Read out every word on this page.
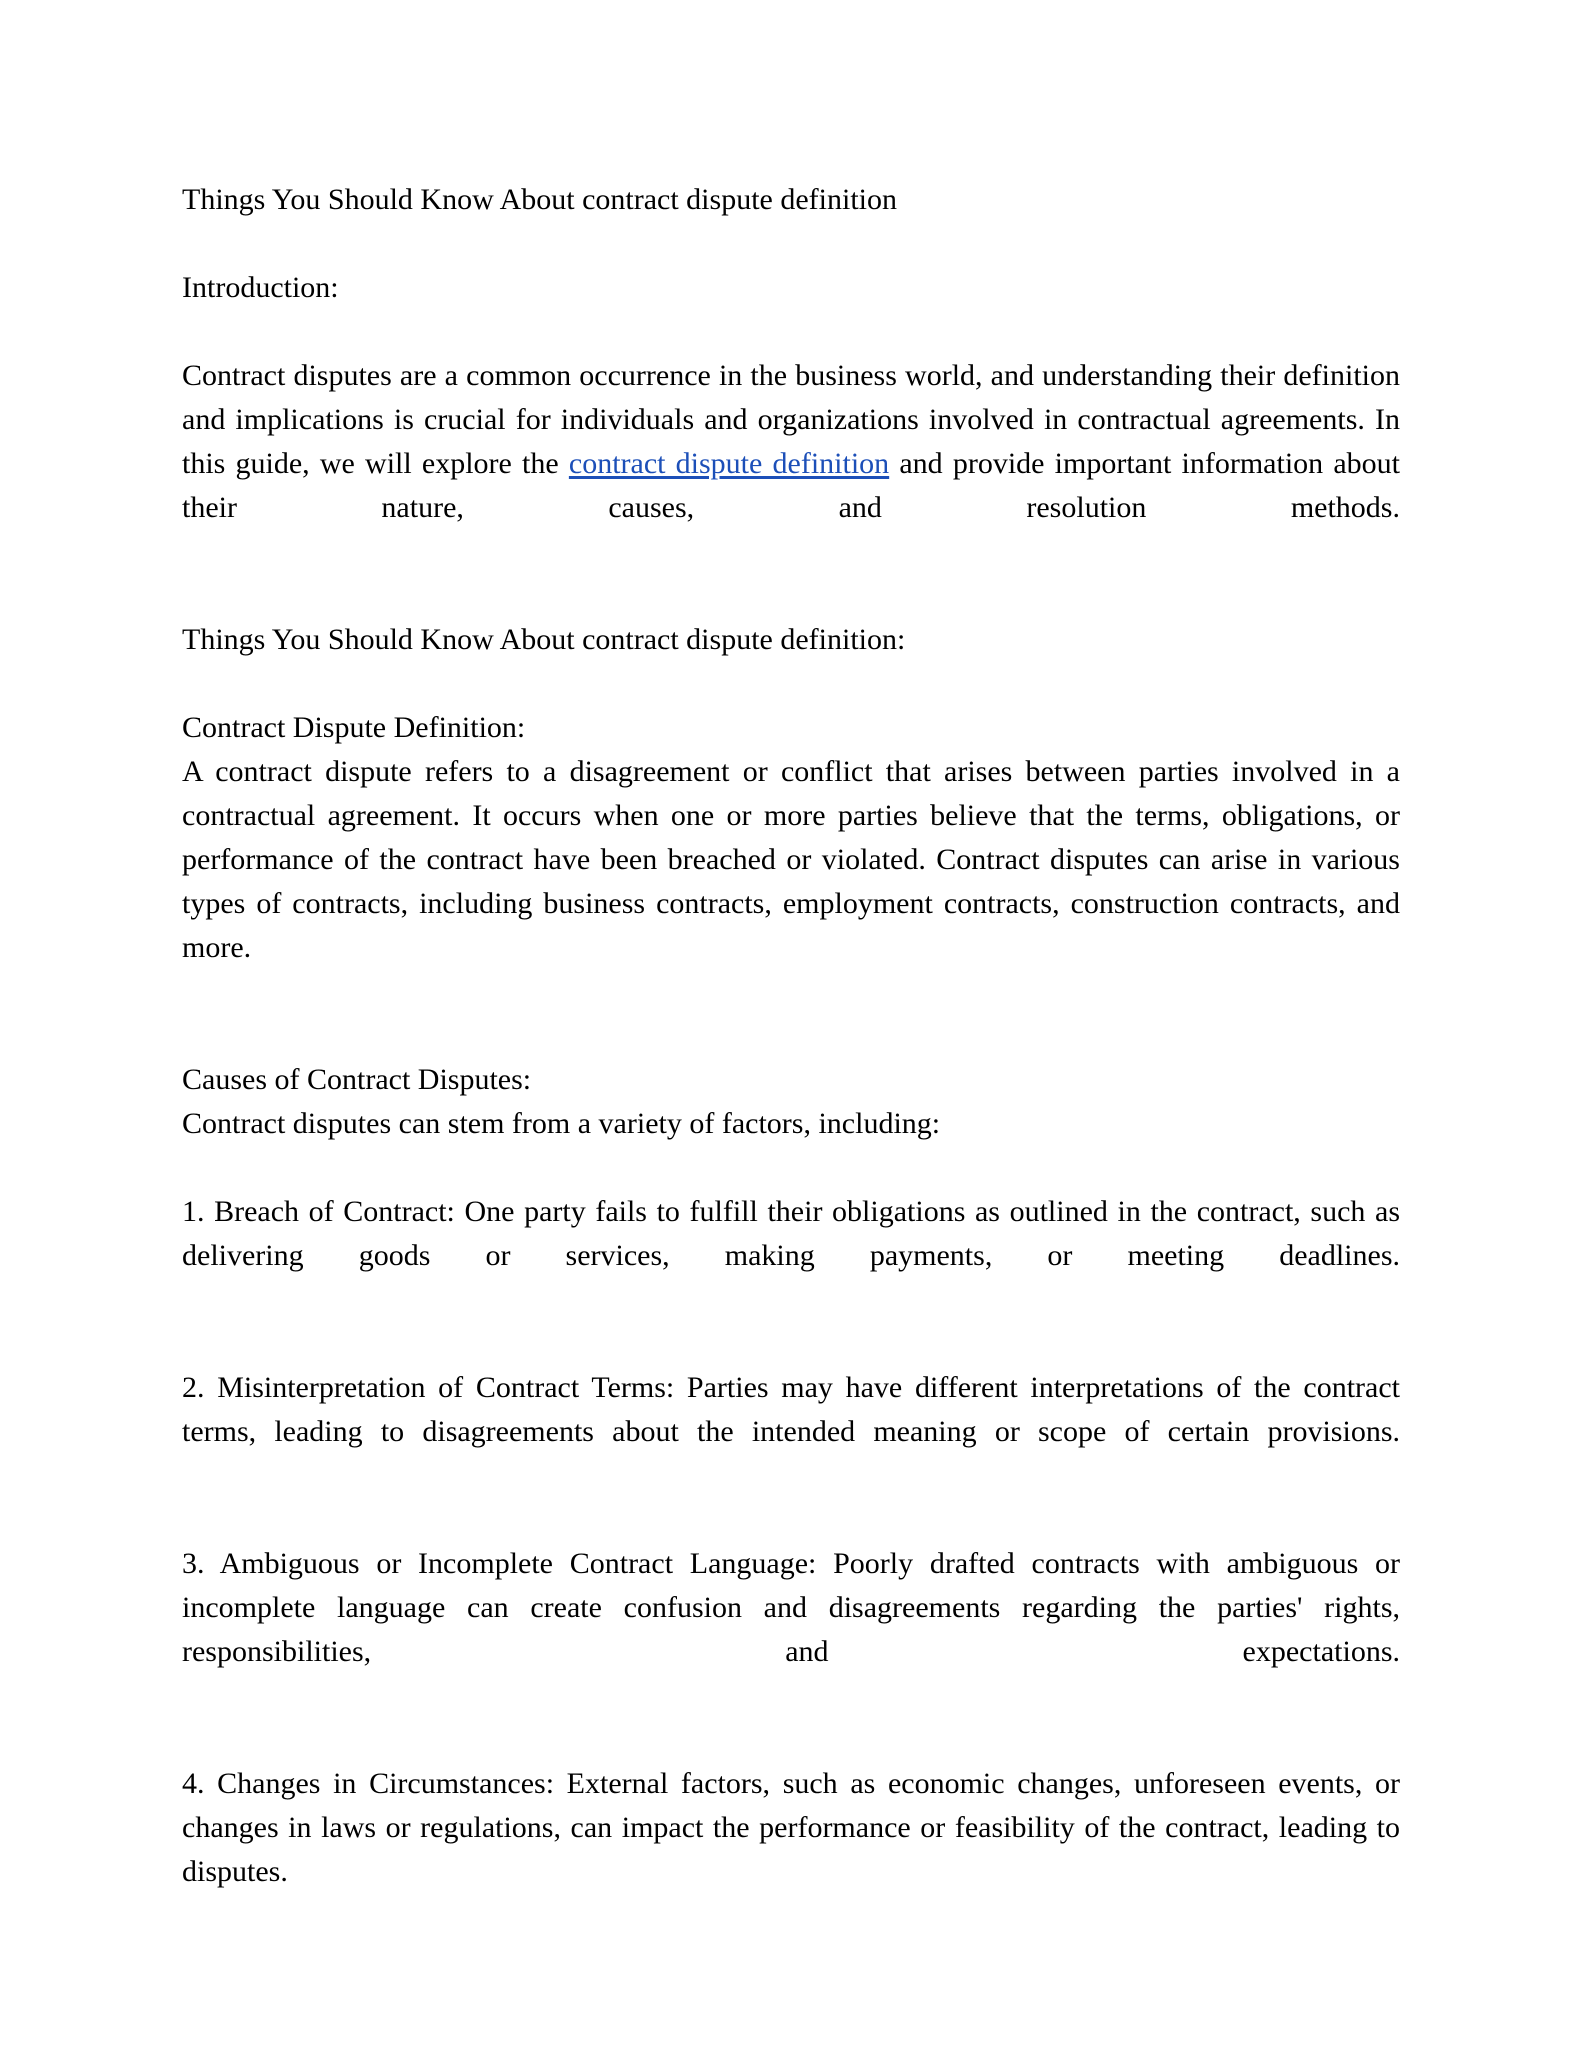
Things You Should Know About contract dispute definition

Introduction:

Contract disputes are a common occurrence in the business world, and understanding their definition and implications is crucial for individuals and organizations involved in contractual agreements. In this guide, we will explore the contract dispute definition and provide important information about their nature, causes, and resolution methods.

Things You Should Know About contract dispute definition:

Contract Dispute Definition:

A contract dispute refers to a disagreement or conflict that arises between parties involved in a contractual agreement. It occurs when one or more parties believe that the terms, obligations, or performance of the contract have been breached or violated. Contract disputes can arise in various types of contracts, including business contracts, employment contracts, construction contracts, and more.

Causes of Contract Disputes:

Contract disputes can stem from a variety of factors, including:

1. Breach of Contract: One party fails to fulfill their obligations as outlined in the contract, such as delivering goods or services, making payments, or meeting deadlines.

2. Misinterpretation of Contract Terms: Parties may have different interpretations of the contract terms, leading to disagreements about the intended meaning or scope of certain provisions.

3. Ambiguous or Incomplete Contract Language: Poorly drafted contracts with ambiguous or incomplete language can create confusion and disagreements regarding the parties' rights, responsibilities, and expectations.

4. Changes in Circumstances: External factors, such as economic changes, unforeseen events, or changes in laws or regulations, can impact the performance or feasibility of the contract, leading to disputes.
